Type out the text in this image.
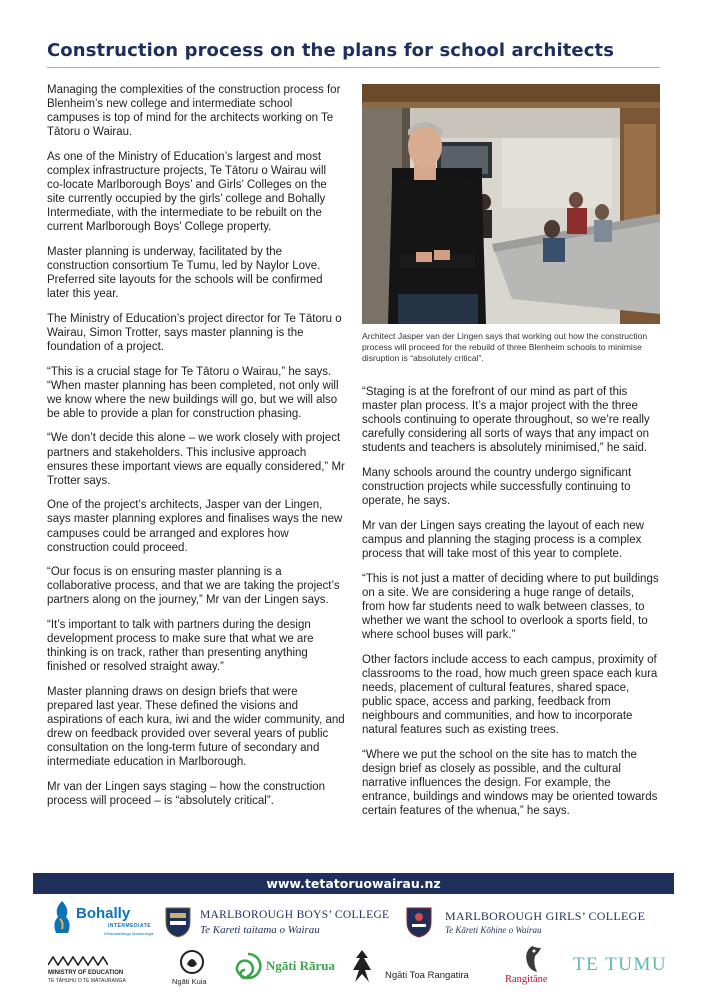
Construction process on the plans for school architects

Managing the complexities of the construction process for Blenheim’s new college and intermediate school campuses is top of mind for the architects working on Te Tātoru o Wairau.

As one of the Ministry of Education’s largest and most complex infrastructure projects, Te Tātoru o Wairau will co-locate Marlborough Boys’ and Girls’ Colleges on the site currently occupied by the girls’ college and Bohally Intermediate, with the intermediate to be rebuilt on the current Marlborough Boys’ College property.

Master planning is underway, facilitated by the construction consortium Te Tumu, led by Naylor Love. Preferred site layouts for the schools will be confirmed later this year.

The Ministry of Education’s project director for Te Tātoru o Wairau, Simon Trotter, says master planning is the foundation of a project.

“This is a crucial stage for Te Tātoru o Wairau,” he says. “When master planning has been completed, not only will we know where the new buildings will go, but we will also be able to provide a plan for construction phasing.

“We don’t decide this alone – we work closely with project partners and stakeholders. This inclusive approach ensures these important views are equally considered,” Mr Trotter says.

One of the project’s architects, Jasper van der Lingen, says master planning explores and finalises ways the new campuses could be arranged and explores how construction could proceed.

“Our focus is on ensuring master planning is a collaborative process, and that we are taking the project’s partners along on the journey,” Mr van der Lingen says.

“It’s important to talk with partners during the design development process to make sure that what we are thinking is on track, rather than presenting anything finished or resolved straight away.”

Master planning draws on design briefs that were prepared last year. These defined the visions and aspirations of each kura, iwi and the wider community, and drew on feedback provided over several years of public consultation on the long-term future of secondary and intermediate education in Marlborough.

Mr van der Lingen says staging – how the construction process will proceed – is “absolutely critical”.

Architect Jasper van der Lingen says that working out how the construction process will proceed for the rebuild of three Blenheim schools to minimise disruption is “absolutely critical”.

“Staging is at the forefront of our mind as part of this master plan process. It’s a major project with the three schools continuing to operate throughout, so we’re really carefully considering all sorts of ways that any impact on students and teachers is absolutely minimised,” he said.

Many schools around the country undergo significant construction projects while successfully continuing to operate, he says.

Mr van der Lingen says creating the layout of each new campus and planning the staging process is a complex process that will take most of this year to complete.

“This is not just a matter of deciding where to put buildings on a site. We are considering a huge range of details, from how far students need to walk between classes, to whether we want the school to overlook a sports field, to where school buses will park.”

Other factors include access to each campus, proximity of classrooms to the road, how much green space each kura needs, placement of cultural features, shared space, public space, access and parking, feedback from neighbours and communities, and how to incorporate natural features such as existing trees.

“Where we put the school on the site has to match the design brief as closely as possible, and the cultural narrative influences the design. For example, the entrance, buildings and windows may be oriented towards certain features of the whenua,” he says.

www.tetatoruowairau.nz
Bohally
INTERMEDIATE
Whanaketanga Matauranga
MARLBOROUGH BOYS’ COLLEGE
Te Kareti taitama o Wairau
MARLBOROUGH GIRLS’ COLLEGE
Te Kāreti Kōhine o Wairau
MINISTRY OF EDUCATION
TE TĀHUHU O TE MĀTAURANGA	Ngāti Kuia
Ngāti Rārua
Ngāti Toa Rangatira	Rangitāne
TE TUMU
